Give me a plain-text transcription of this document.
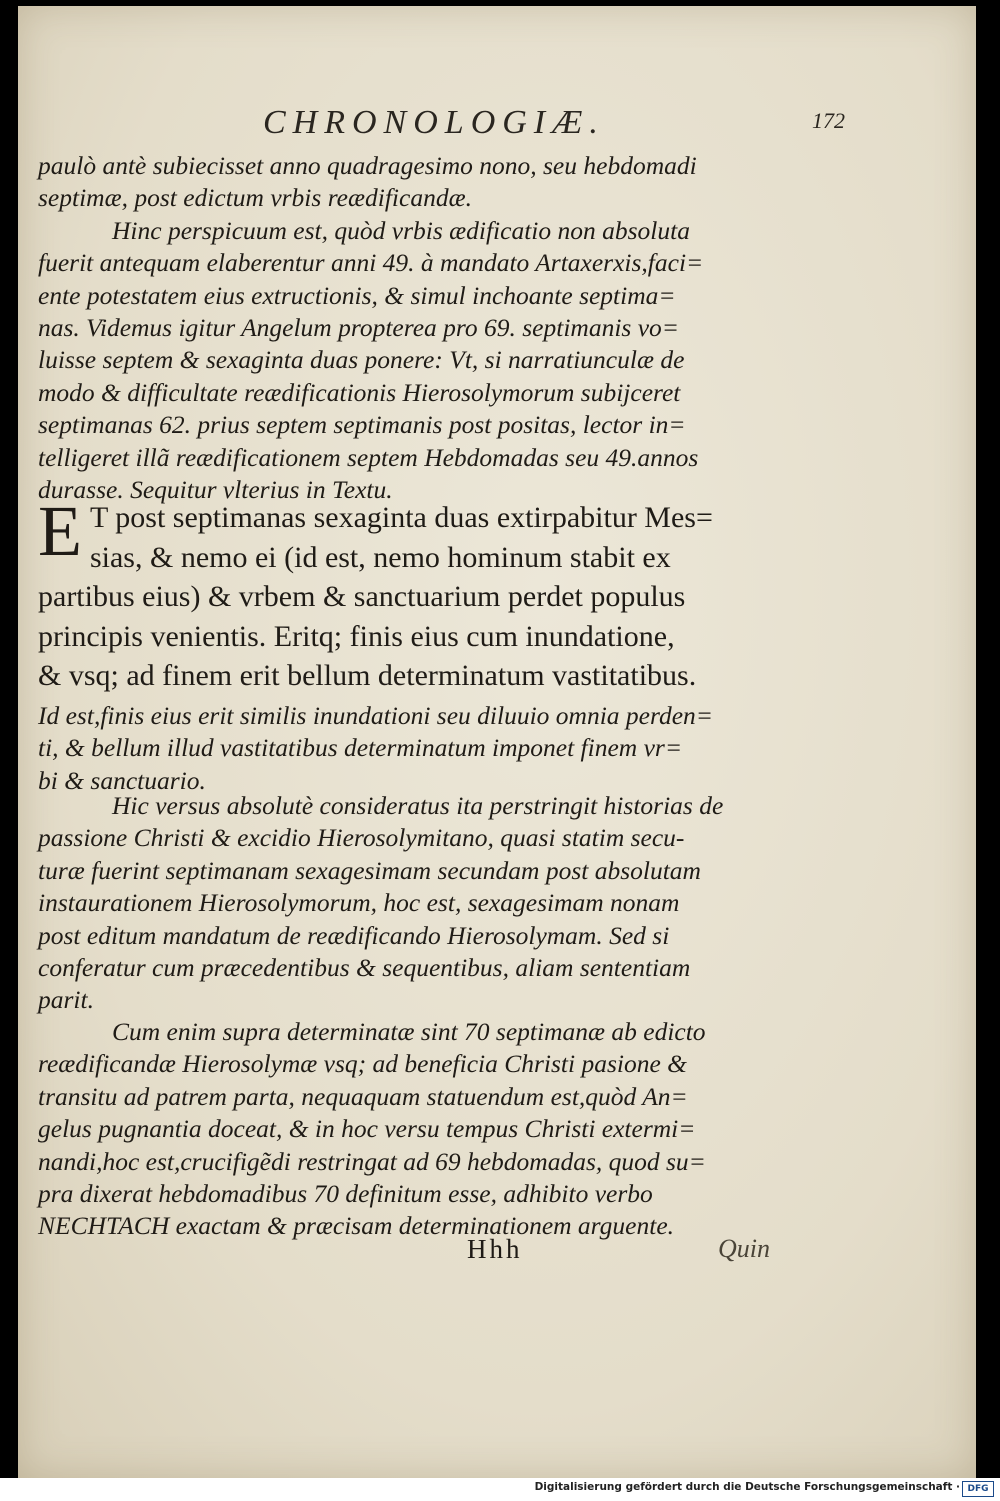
CHRONOLOGIÆ.	172
paulò antè subiecisset anno quadragesimo nono, seu hebdomadi
septimæ, post edictum vrbis reædificandæ.
Hinc perspicuum est, quòd vrbis ædificatio non absoluta
fuerit antequam elaberentur anni 49. à mandato Artaxerxis,faci=
ente potestatem eius extructionis, & simul inchoante septima=
nas. Videmus igitur Angelum propterea pro 69. septimanis vo=
luisse septem & sexaginta duas ponere: Vt, si narratiunculæ de
modo & difficultate reædificationis Hierosolymorum subijceret
septimanas 62. prius septem septimanis post positas, lector in=
telligeret illã reædificationem septem Hebdomadas seu 49.annos
durasse. Sequitur vlterius in Textu.
E T post septimanas sexaginta duas extirpabitur Mes=
sias, & nemo ei (id est, nemo hominum stabit ex
partibus eius) & vrbem & sanctuarium perdet populus
principis venientis. Eritq; finis eius cum inundatione,
& vsq; ad finem erit bellum determinatum vastitatibus.
Id est,finis eius erit similis inundationi seu diluuio omnia perden=
ti, & bellum illud vastitatibus determinatum imponet finem vr=
bi & sanctuario.
Hic versus absolutè consideratus ita perstringit historias de
passione Christi & excidio Hierosolymitano, quasi statim secu-
turæ fuerint septimanam sexagesimam secundam post absolutam
instaurationem Hierosolymorum, hoc est, sexagesimam nonam
post editum mandatum de reædificando Hierosolymam. Sed si
conferatur cum præcedentibus & sequentibus, aliam sententiam
parit.
Cum enim supra determinatæ sint 70 septimanæ ab edicto
reædificandæ Hierosolymæ vsq; ad beneficia Christi pasione &
transitu ad patrem parta, nequaquam statuendum est,quòd An=
gelus pugnantia doceat, & in hoc versu tempus Christi extermi=
nandi,hoc est,crucifigẽdi restringat ad 69 hebdomadas, quod su=
pra dixerat hebdomadibus 70 definitum esse, adhibito verbo
NECHTACH exactam & præcisam determinationem arguente.
Hhh	Quin
Digitalisierung gefördert durch die Deutsche Forschungsgemeinschaft · DFG
